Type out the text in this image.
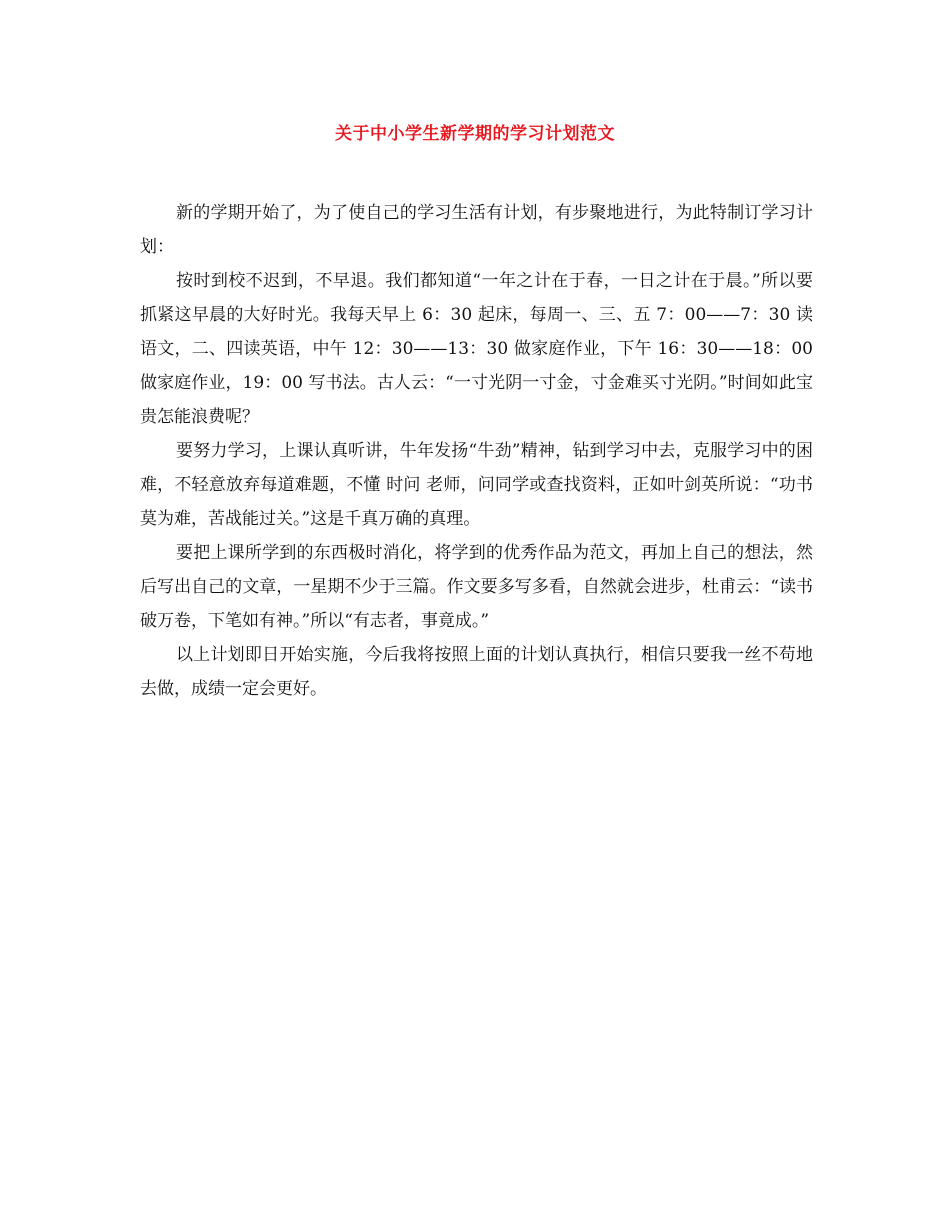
关于中小学生新学期的学习计划范文

新的学期开始了，为了使自己的学习生活有计划，有步聚地进行，为此特制订学习计划：

按时到校不迟到，不早退。我们都知道“一年之计在于春，一日之计在于晨。”所以要抓紧这早晨的大好时光。我每天早上 6：30 起床，每周一、三、五 7：00——7：30 读语文，二、四读英语，中午 12：30——13：30 做家庭作业，下午 16：30——18：00 做家庭作业，19：00 写书法。古人云：“一寸光阴一寸金，寸金难买寸光阴。”时间如此宝贵怎能浪费呢？

要努力学习，上课认真听讲，牛年发扬“牛劲”精神，钻到学习中去，克服学习中的困难，不轻意放弃每道难题，不懂 时问 老师，问同学或查找资料，正如叶剑英所说：“功书莫为难，苦战能过关。”这是千真万确的真理。

要把上课所学到的东西极时消化，将学到的优秀作品为范文，再加上自己的想法，然后写出自己的文章，一星期不少于三篇。作文要多写多看，自然就会进步，杜甫云：“读书破万卷，下笔如有神。”所以“有志者，事竟成。”

以上计划即日开始实施，今后我将按照上面的计划认真执行，相信只要我一丝不苟地去做，成绩一定会更好。
